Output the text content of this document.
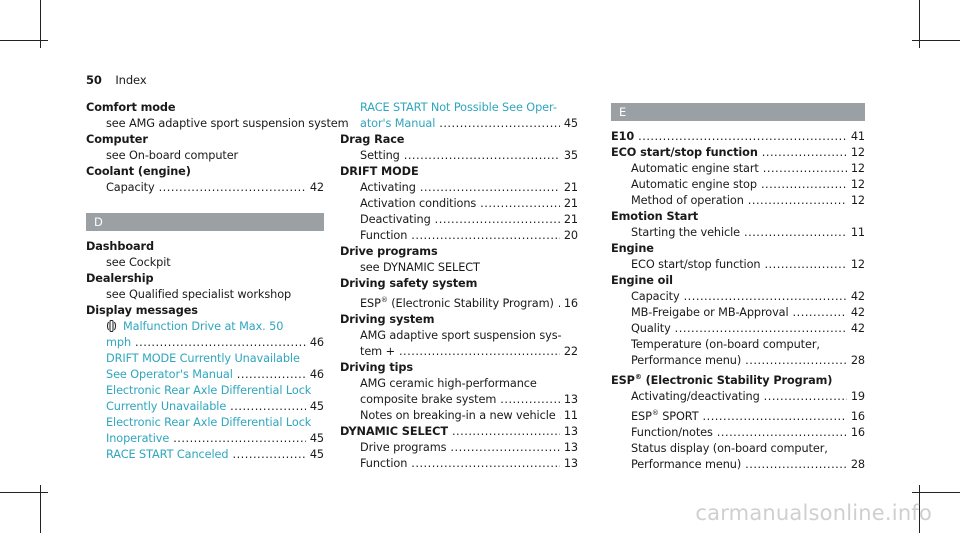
50 Index
Comfort mode
see AMG adaptive sport suspension system
Computer
see On-board computer
Coolant (engine)
Capacity .....	42
D
Dashboard
see Cockpit
Dealership
see Qualified specialist workshop
Display messages
Malfunction Drive at Max. 50
mph .....	46
DRIFT MODE Currently Unavailable
See Operator's Manual .....	46
Electronic Rear Axle Differential Lock
Currently Unavailable .....	45
Electronic Rear Axle Differential Lock
Inoperative .....	45
RACE START Canceled .....	45
RACE START Not Possible See Oper-
ator's Manual .....	45
Drag Race
Setting .....	35
DRIFT MODE
Activating .....	21
Activation conditions .....	21
Deactivating .....	21
Function .....	20
Drive programs
see DYNAMIC SELECT
Driving safety system
ESP® (Electronic Stability Program) ..... 16
Driving system
AMG adaptive sport suspension sys-
tem + .....	22
Driving tips
AMG ceramic high-performance
composite brake system .....	13
Notes on breaking-in a new vehicle ..... 11
DYNAMIC SELECT .....	13
Drive programs .....	13
Function .....	13
E
E10 .....	41
ECO start/stop function .....	12
Automatic engine start .....	12
Automatic engine stop .....	12
Method of operation .....	12
Emotion Start
Starting the vehicle .....	11
Engine
ECO start/stop function .....	12
Engine oil
Capacity .....	42
MB-Freigabe or MB-Approval .....	42
Quality .....	42
Temperature (on-board computer,
Performance menu) .....	28
ESP® (Electronic Stability Program)
Activating/deactivating .....	19
ESP® SPORT .....	16
Function/notes .....	16
Status display (on-board computer,
Performance menu) .....	28
carmanualsonline.info
